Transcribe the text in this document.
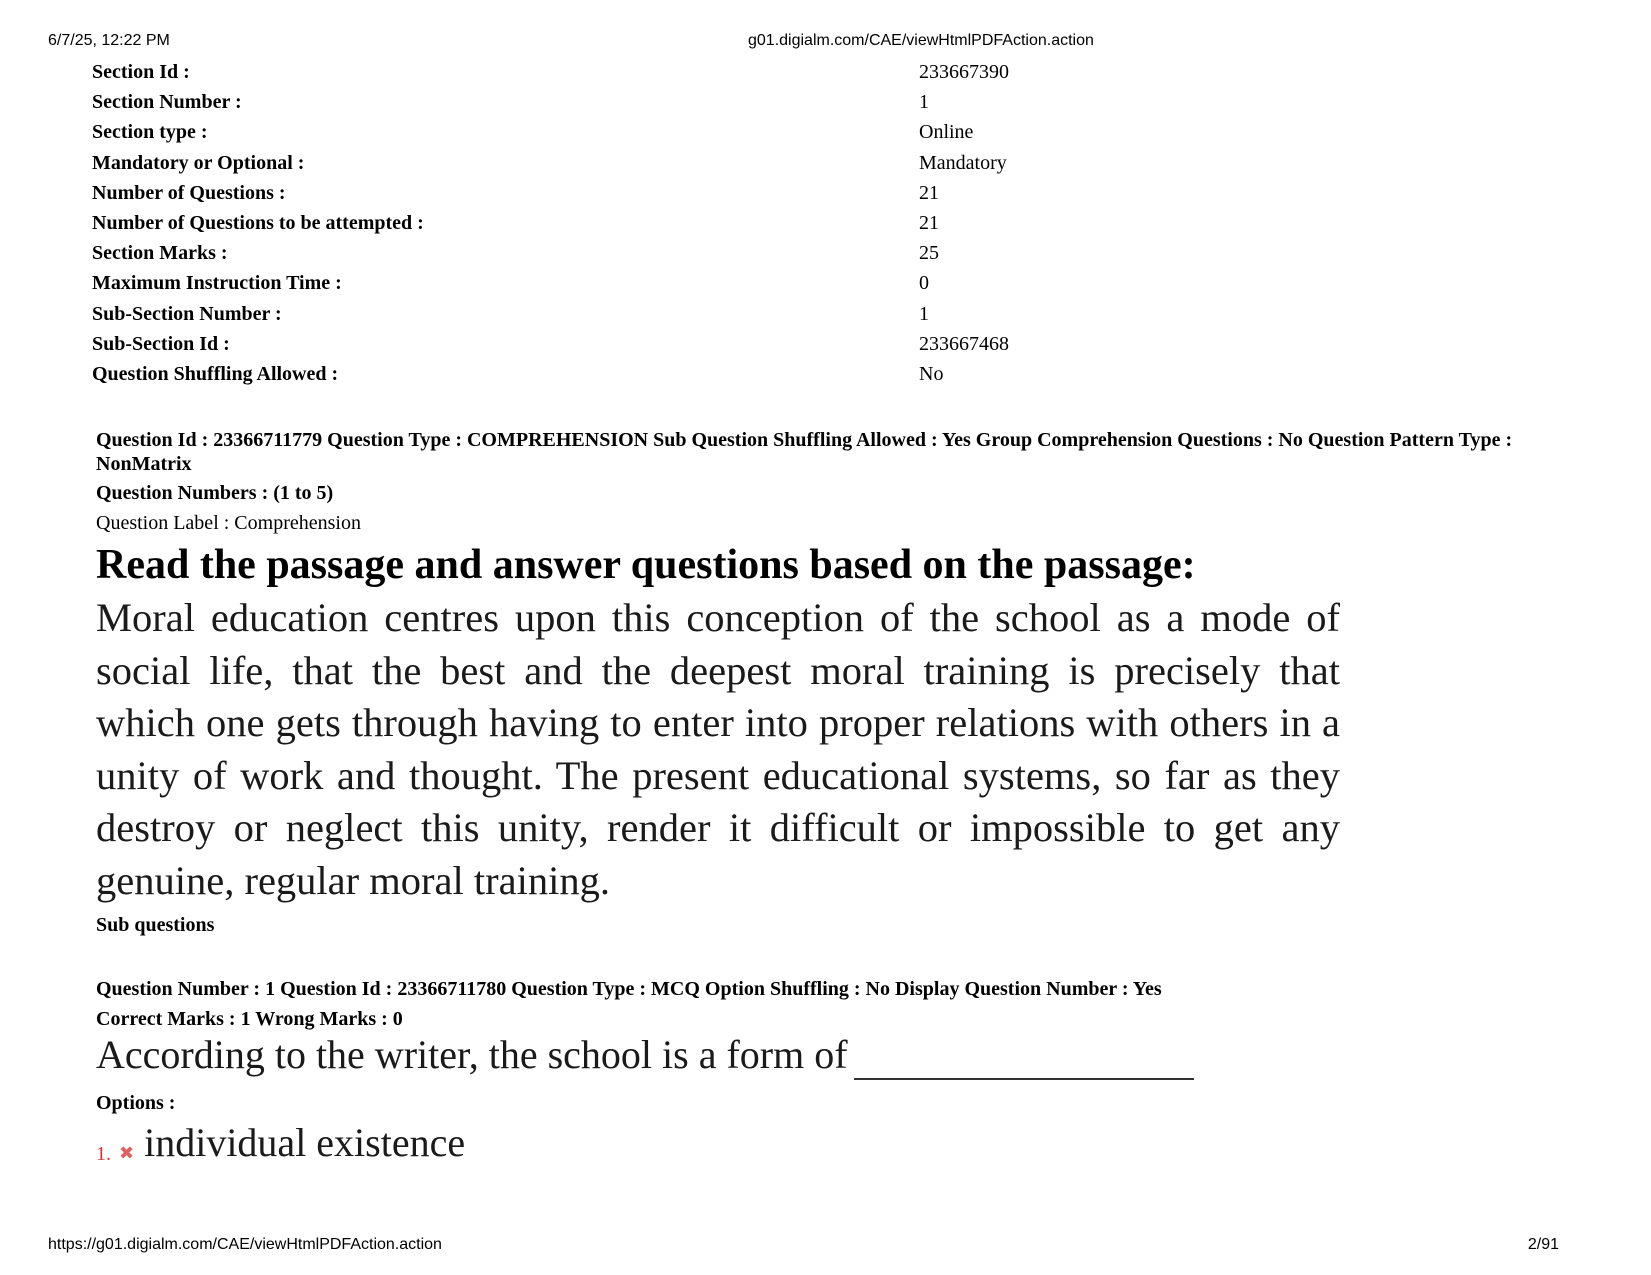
6/7/25, 12:22 PM	g01.digialm.com/CAE/viewHtmlPDFAction.action
Section Id :	233667390
Section Number :	1
Section type :	Online
Mandatory or Optional :	Mandatory
Number of Questions :	21
Number of Questions to be attempted :	21
Section Marks :	25
Maximum Instruction Time :	0
Sub-Section Number :	1
Sub-Section Id :	233667468
Question Shuffling Allowed :	No
Question Id : 23366711779 Question Type : COMPREHENSION Sub Question Shuffling Allowed : Yes Group Comprehension Questions : No Question Pattern Type : NonMatrix
Question Numbers : (1 to 5)
Question Label : Comprehension
Read the passage and answer questions based on the passage:
Moral education centres upon this conception of the school as a mode of social life, that the best and the deepest moral training is precisely that which one gets through having to enter into proper relations with others in a unity of work and thought. The present educational systems, so far as they destroy or neglect this unity, render it difficult or impossible to get any genuine, regular moral training.
Sub questions
Question Number : 1 Question Id : 23366711780 Question Type : MCQ Option Shuffling : No Display Question Number : Yes
Correct Marks : 1 Wrong Marks : 0
According to the writer, the school is a form of
Options :
1. ✖ individual existence
https://g01.digialm.com/CAE/viewHtmlPDFAction.action	2/91
